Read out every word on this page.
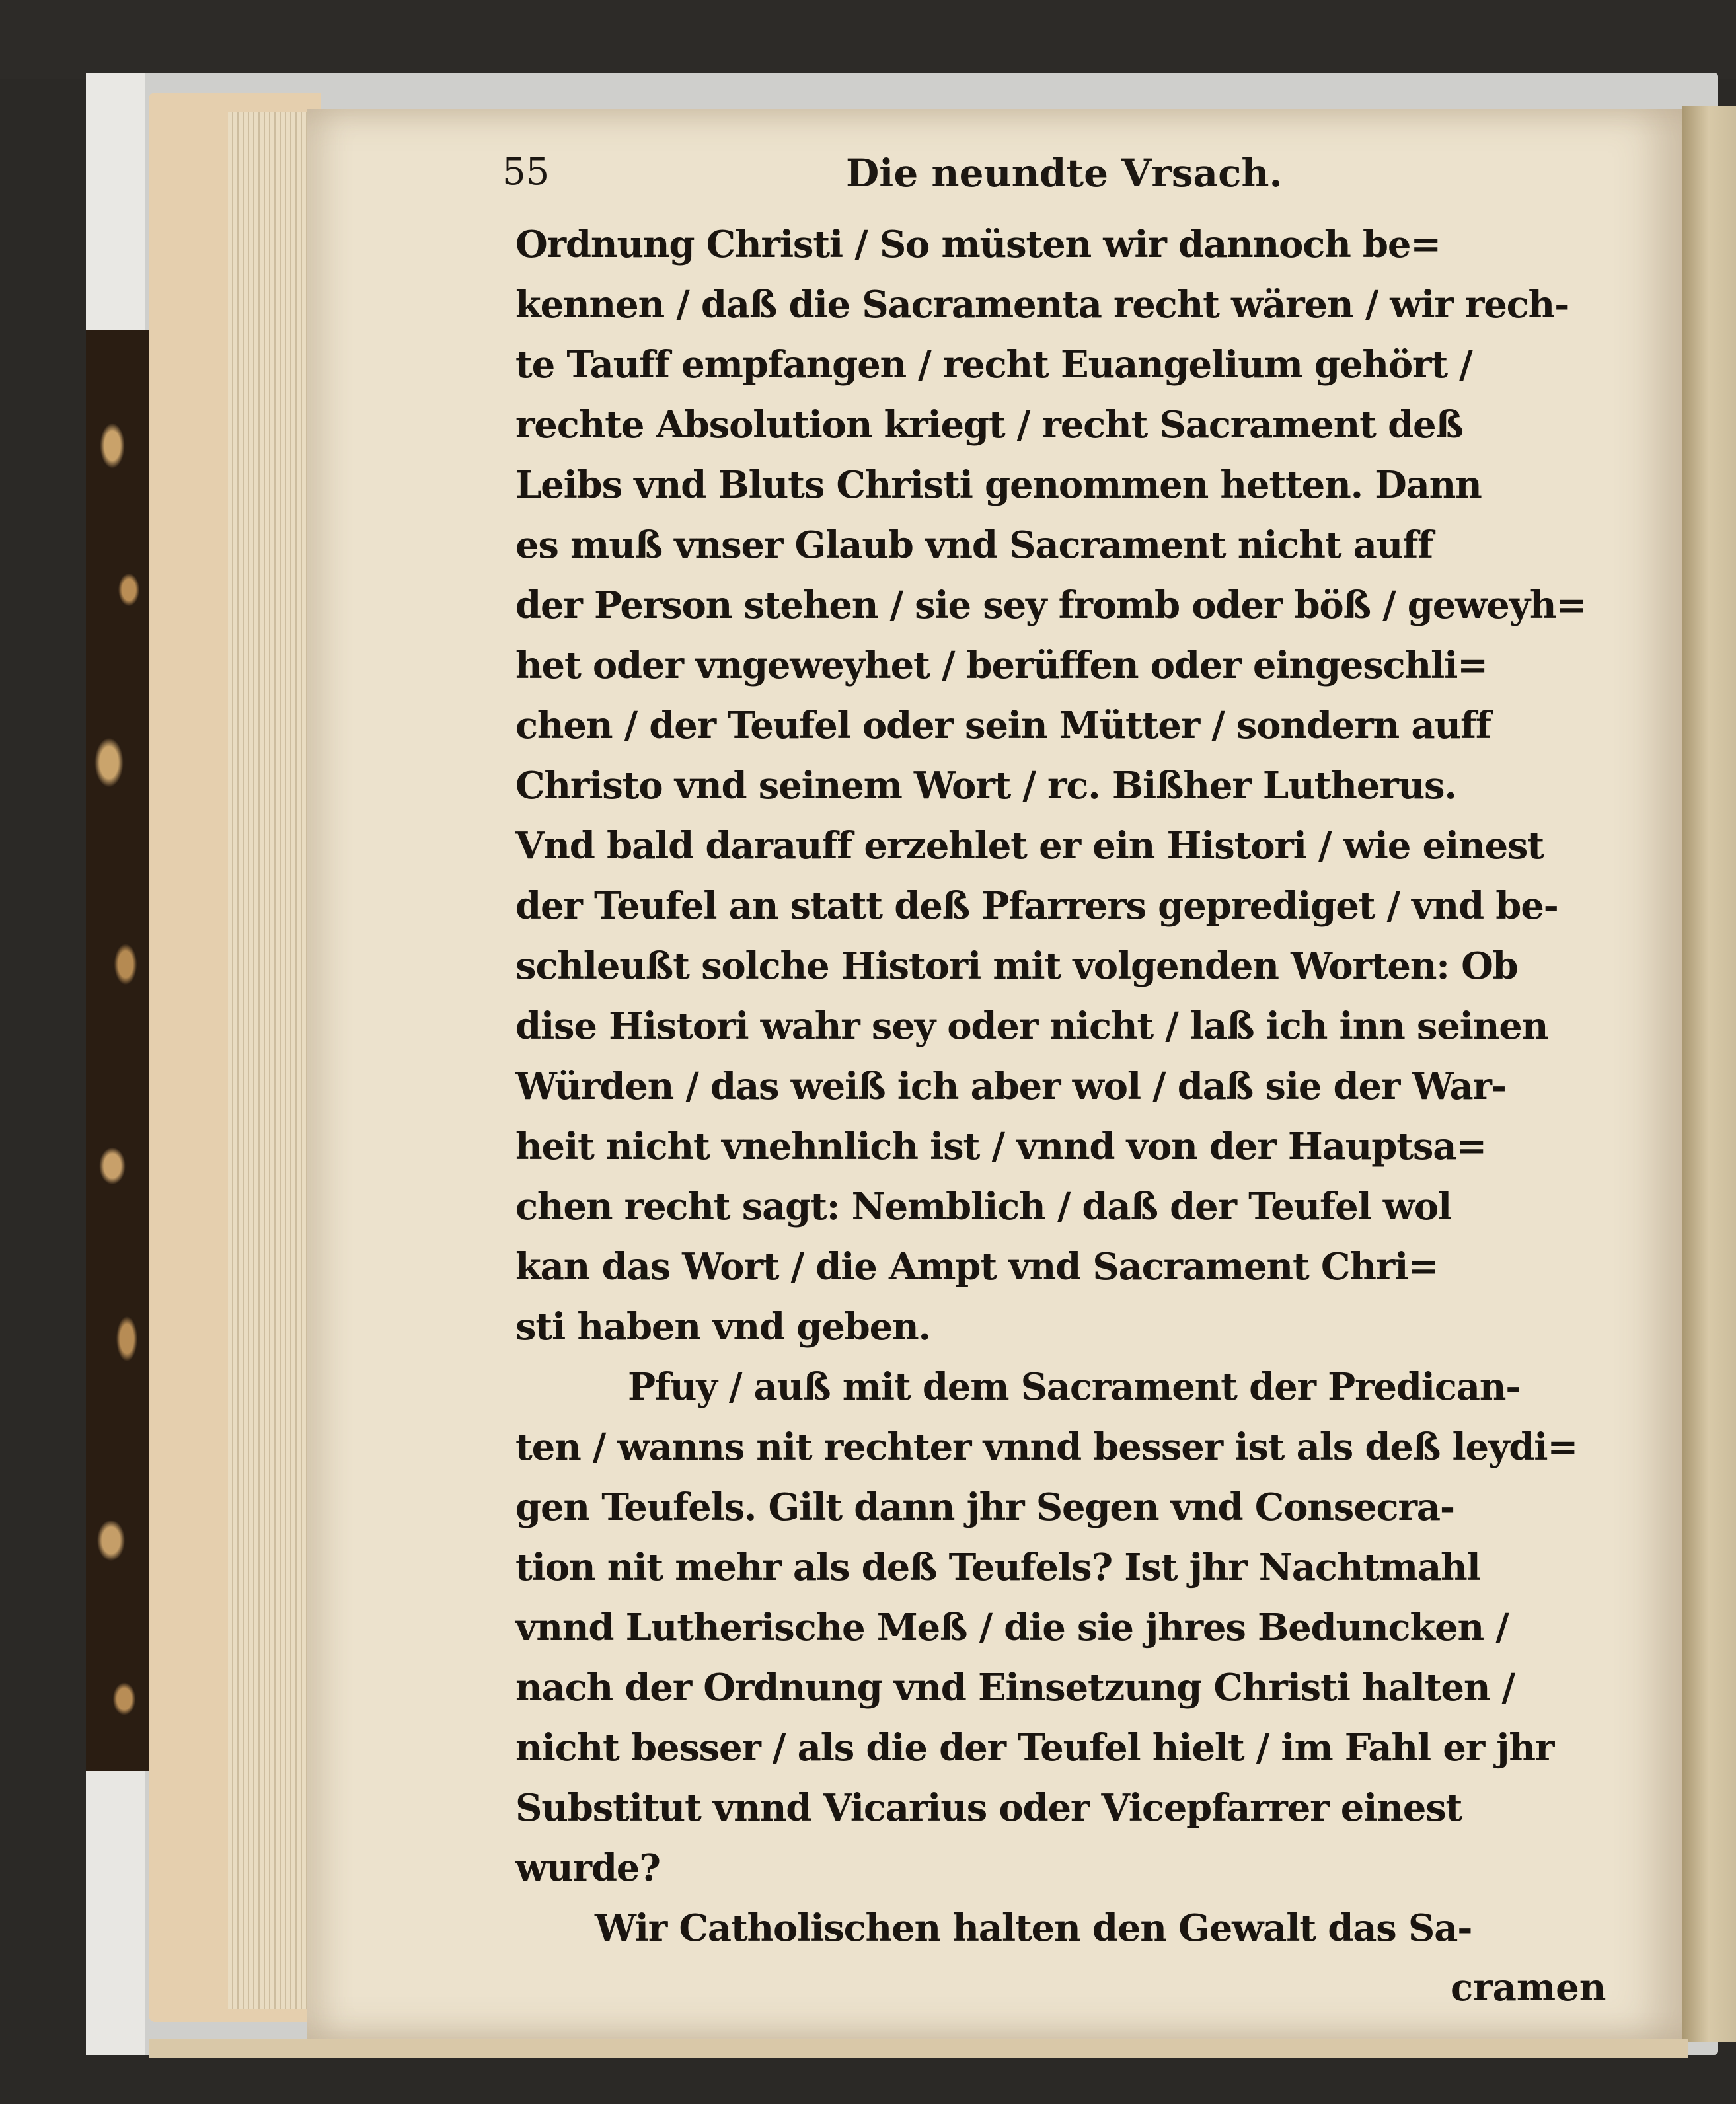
55	Die neundte Vrsach.
Ordnung Christi / So müsten wir dannoch be=
kennen / daß die Sacramenta recht wären / wir rech-
te Tauff empfangen / recht Euangelium gehört /
rechte Absolution kriegt / recht Sacrament deß
Leibs vnd Bluts Christi genommen hetten. Dann
es muß vnser Glaub vnd Sacrament nicht auff
der Person stehen / sie sey fromb oder böß / geweyh=
het oder vngeweyhet / berüffen oder eingeschli=
chen / der Teufel oder sein Mütter / sondern auff
Christo vnd seinem Wort / rc. Bißher Lutherus.
Vnd bald darauff erzehlet er ein Histori / wie einest
der Teufel an statt deß Pfarrers geprediget / vnd be-
schleußt solche Histori mit volgenden Worten: Ob
dise Histori wahr sey oder nicht / laß ich inn seinen
Würden / das weiß ich aber wol / daß sie der War-
heit nicht vnehnlich ist / vnnd von der Hauptsa=
chen recht sagt: Nemblich / daß der Teufel wol
kan das Wort / die Ampt vnd Sacrament Chri=
sti haben vnd geben.
Pfuy / auß mit dem Sacrament der Predican-
ten / wanns nit rechter vnnd besser ist als deß leydi=
gen Teufels. Gilt dann jhr Segen vnd Consecra-
tion nit mehr als deß Teufels? Ist jhr Nachtmahl
vnnd Lutherische Meß / die sie jhres Beduncken /
nach der Ordnung vnd Einsetzung Christi halten /
nicht besser / als die der Teufel hielt / im Fahl er jhr
Substitut vnnd Vicarius oder Vicepfarrer einest
wurde?
Wir Catholischen halten den Gewalt das Sa-
cramen
